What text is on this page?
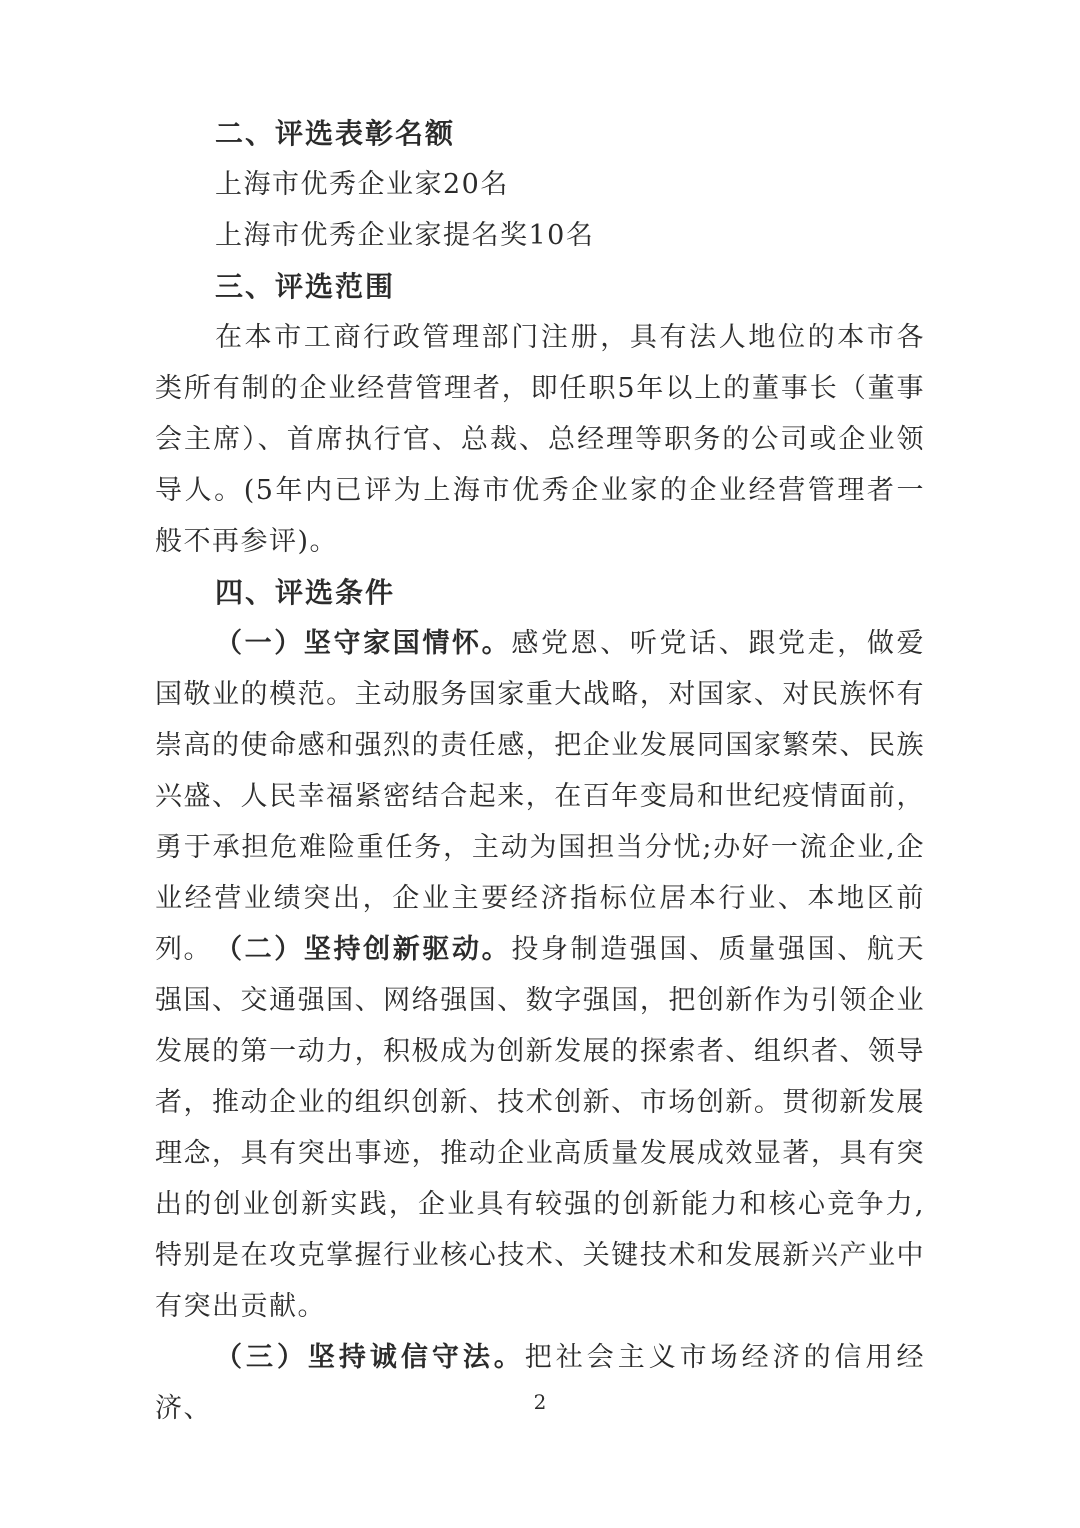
二、评选表彰名额
上海市优秀企业家20名
上海市优秀企业家提名奖10名
三、评选范围

在本市工商行政管理部门注册，具有法人地位的本市各类所有制的企业经营管理者，即任职5年以上的董事长（董事会主席）、首席执行官、总裁、总经理等职务的公司或企业领导人。(5年内已评为上海市优秀企业家的企业经营管理者一般不再参评)。

四、评选条件

（一）坚守家国情怀。感党恩、听党话、跟党走，做爱国敬业的模范。主动服务国家重大战略，对国家、对民族怀有崇高的使命感和强烈的责任感，把企业发展同国家繁荣、民族兴盛、人民幸福紧密结合起来，在百年变局和世纪疫情面前，勇于承担危难险重任务，主动为国担当分忧;办好一流企业,企业经营业绩突出，企业主要经济指标位居本行业、本地区前列。 （二）坚持创新驱动。投身制造强国、质量强国、航天强国、交通强国、网络强国、数字强国，把创新作为引领企业发展的第一动力，积极成为创新发展的探索者、组织者、领导者，推动企业的组织创新、技术创新、市场创新。贯彻新发展理念，具有突出事迹，推动企业高质量发展成效显著，具有突出的创业创新实践，企业具有较强的创新能力和核心竞争力,特别是在攻克掌握行业核心技术、关键技术和发展新兴产业中有突出贡献。

（三）坚持诚信守法。把社会主义市场经济的信用经济、	2
